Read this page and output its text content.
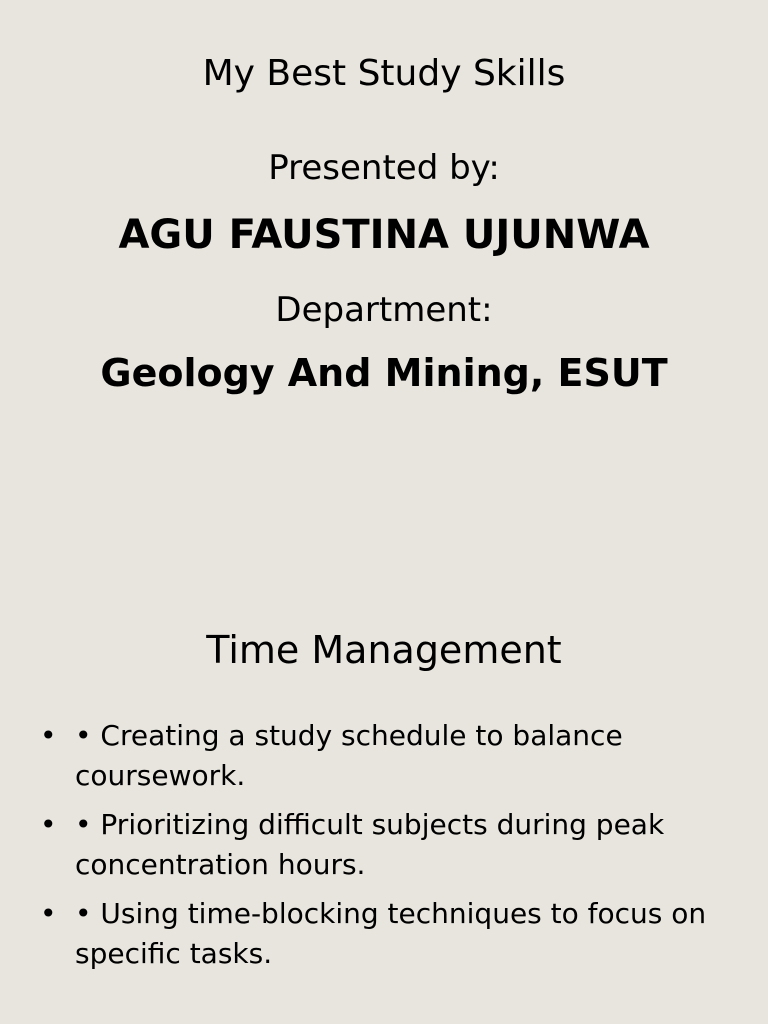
My Best Study Skills
Presented by:
AGU FAUSTINA UJUNWA
Department:
Geology And Mining, ESUT
Time Management
• • Creating a study schedule to balance coursework.
• • Prioritizing difficult subjects during peak concentration hours.
• • Using time-blocking techniques to focus on specific tasks.
